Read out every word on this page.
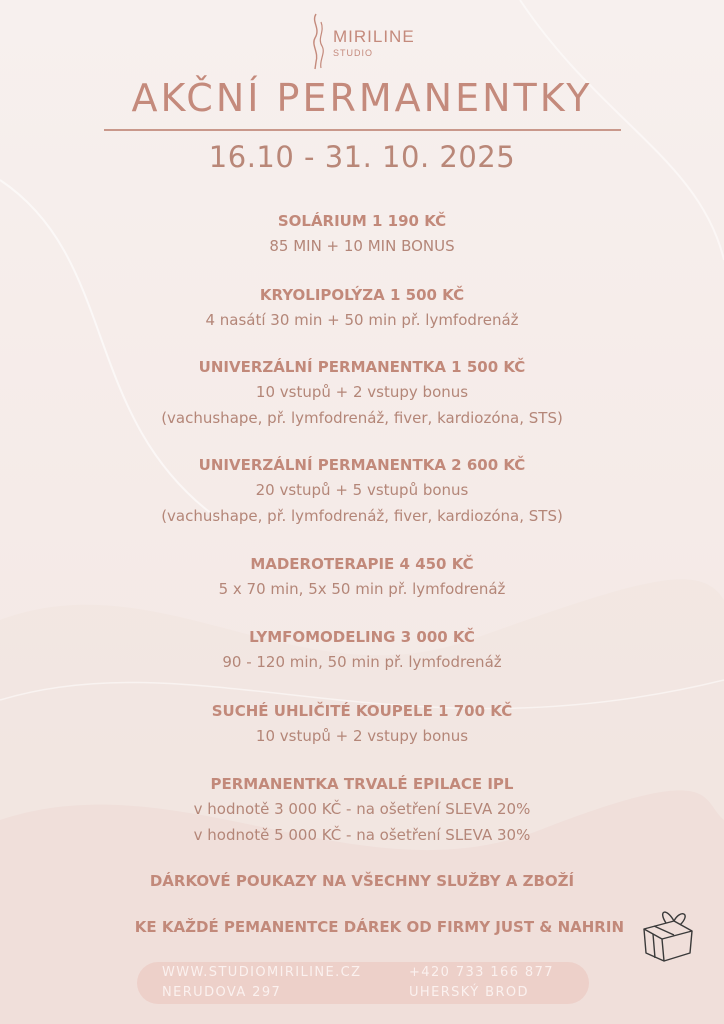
MIRILINE
STUDIO
AKČNÍ PERMANENTKY
16.10 - 31. 10. 2025
SOLÁRIUM 1 190 KČ
85 MIN + 10 MIN BONUS
KRYOLIPOLÝZA 1 500 KČ
4 nasátí 30 min + 50 min př. lymfodrenáž
UNIVERZÁLNÍ PERMANENTKA 1 500 KČ
10 vstupů + 2 vstupy bonus
(vachushape, př. lymfodrenáž, fiver, kardiozóna, STS)
UNIVERZÁLNÍ PERMANENTKA 2 600 KČ
20 vstupů + 5 vstupů bonus
(vachushape, př. lymfodrenáž, fiver, kardiozóna, STS)
MADEROTERAPIE 4 450 KČ
5 x 70 min, 5x 50 min př. lymfodrenáž
LYMFOMODELING 3 000 KČ
90 - 120 min, 50 min př. lymfodrenáž
SUCHÉ UHLIČITÉ KOUPELE 1 700 KČ
10 vstupů + 2 vstupy bonus
PERMANENTKA TRVALÉ EPILACE IPL
v hodnotě 3 000 KČ - na ošetření SLEVA 20%
v hodnotě 5 000 KČ - na ošetření SLEVA 30%
DÁRKOVÉ POUKAZY NA VŠECHNY SLUŽBY A ZBOŽÍ
KE KAŽDÉ PEMANENTCE DÁREK OD FIRMY JUST & NAHRIN
WWW.STUDIOMIRILINE.CZ
NERUDOVA 297
+420 733 166 877
UHERSKÝ BROD
